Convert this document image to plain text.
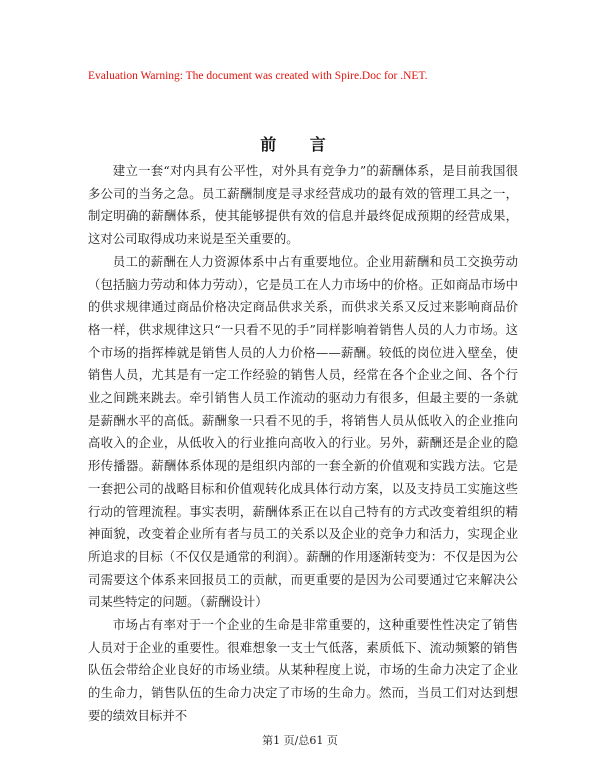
Evaluation Warning: The document was created with Spire.Doc for .NET.

前 言

建立一套“对内具有公平性，对外具有竞争力”的薪酬体系，是目前我国很多公司的当务之急。员工薪酬制度是寻求经营成功的最有效的管理工具之一，制定明确的薪酬体系，使其能够提供有效的信息并最终促成预期的经营成果，这对公司取得成功来说是至关重要的。

员工的薪酬在人力资源体系中占有重要地位。企业用薪酬和员工交换劳动（包括脑力劳动和体力劳动），它是员工在人力市场中的价格。正如商品市场中的供求规律通过商品价格决定商品供求关系，而供求关系又反过来影响商品价格一样，供求规律这只“一只看不见的手”同样影响着销售人员的人力市场。这个市场的指挥棒就是销售人员的人力价格——薪酬。较低的岗位进入壁垒，使销售人员，尤其是有一定工作经验的销售人员，经常在各个企业之间、各个行业之间跳来跳去。牵引销售人员工作流动的驱动力有很多，但最主要的一条就是薪酬水平的高低。薪酬象一只看不见的手，将销售人员从低收入的企业推向高收入的企业，从低收入的行业推向高收入的行业。另外，薪酬还是企业的隐形传播器。薪酬体系体现的是组织内部的一套全新的价值观和实践方法。它是一套把公司的战略目标和价值观转化成具体行动方案，以及支持员工实施这些行动的管理流程。事实表明，薪酬体系正在以自己特有的方式改变着组织的精神面貌，改变着企业所有者与员工的关系以及企业的竞争力和活力，实现企业所追求的目标（不仅仅是通常的利润）。薪酬的作用逐渐转变为：不仅是因为公司需要这个体系来回报员工的贡献，而更重要的是因为公司要通过它来解决公司某些特定的问题。（薪酬设计）

市场占有率对于一个企业的生命是非常重要的，这种重要性性决定了销售人员对于企业的重要性。很难想象一支士气低落，素质低下、流动频繁的销售队伍会带给企业良好的市场业绩。从某种程度上说，市场的生命力决定了企业的生命力，销售队伍的生命力决定了市场的生命力。然而，当员工们对达到想要的绩效目标并不

第1 页/总61 页
